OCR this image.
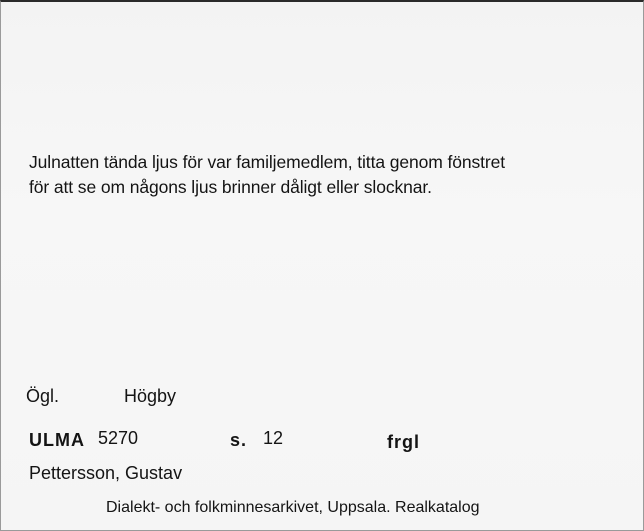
Julnatten tända ljus för var familjemedlem, titta genom fönstret
för att se om någons ljus brinner dåligt eller slocknar.
Ögl.	Högby
ULMA 5270	s. 12	frgl
Pettersson, Gustav
Dialekt- och folkminnesarkivet, Uppsala. Realkatalog
